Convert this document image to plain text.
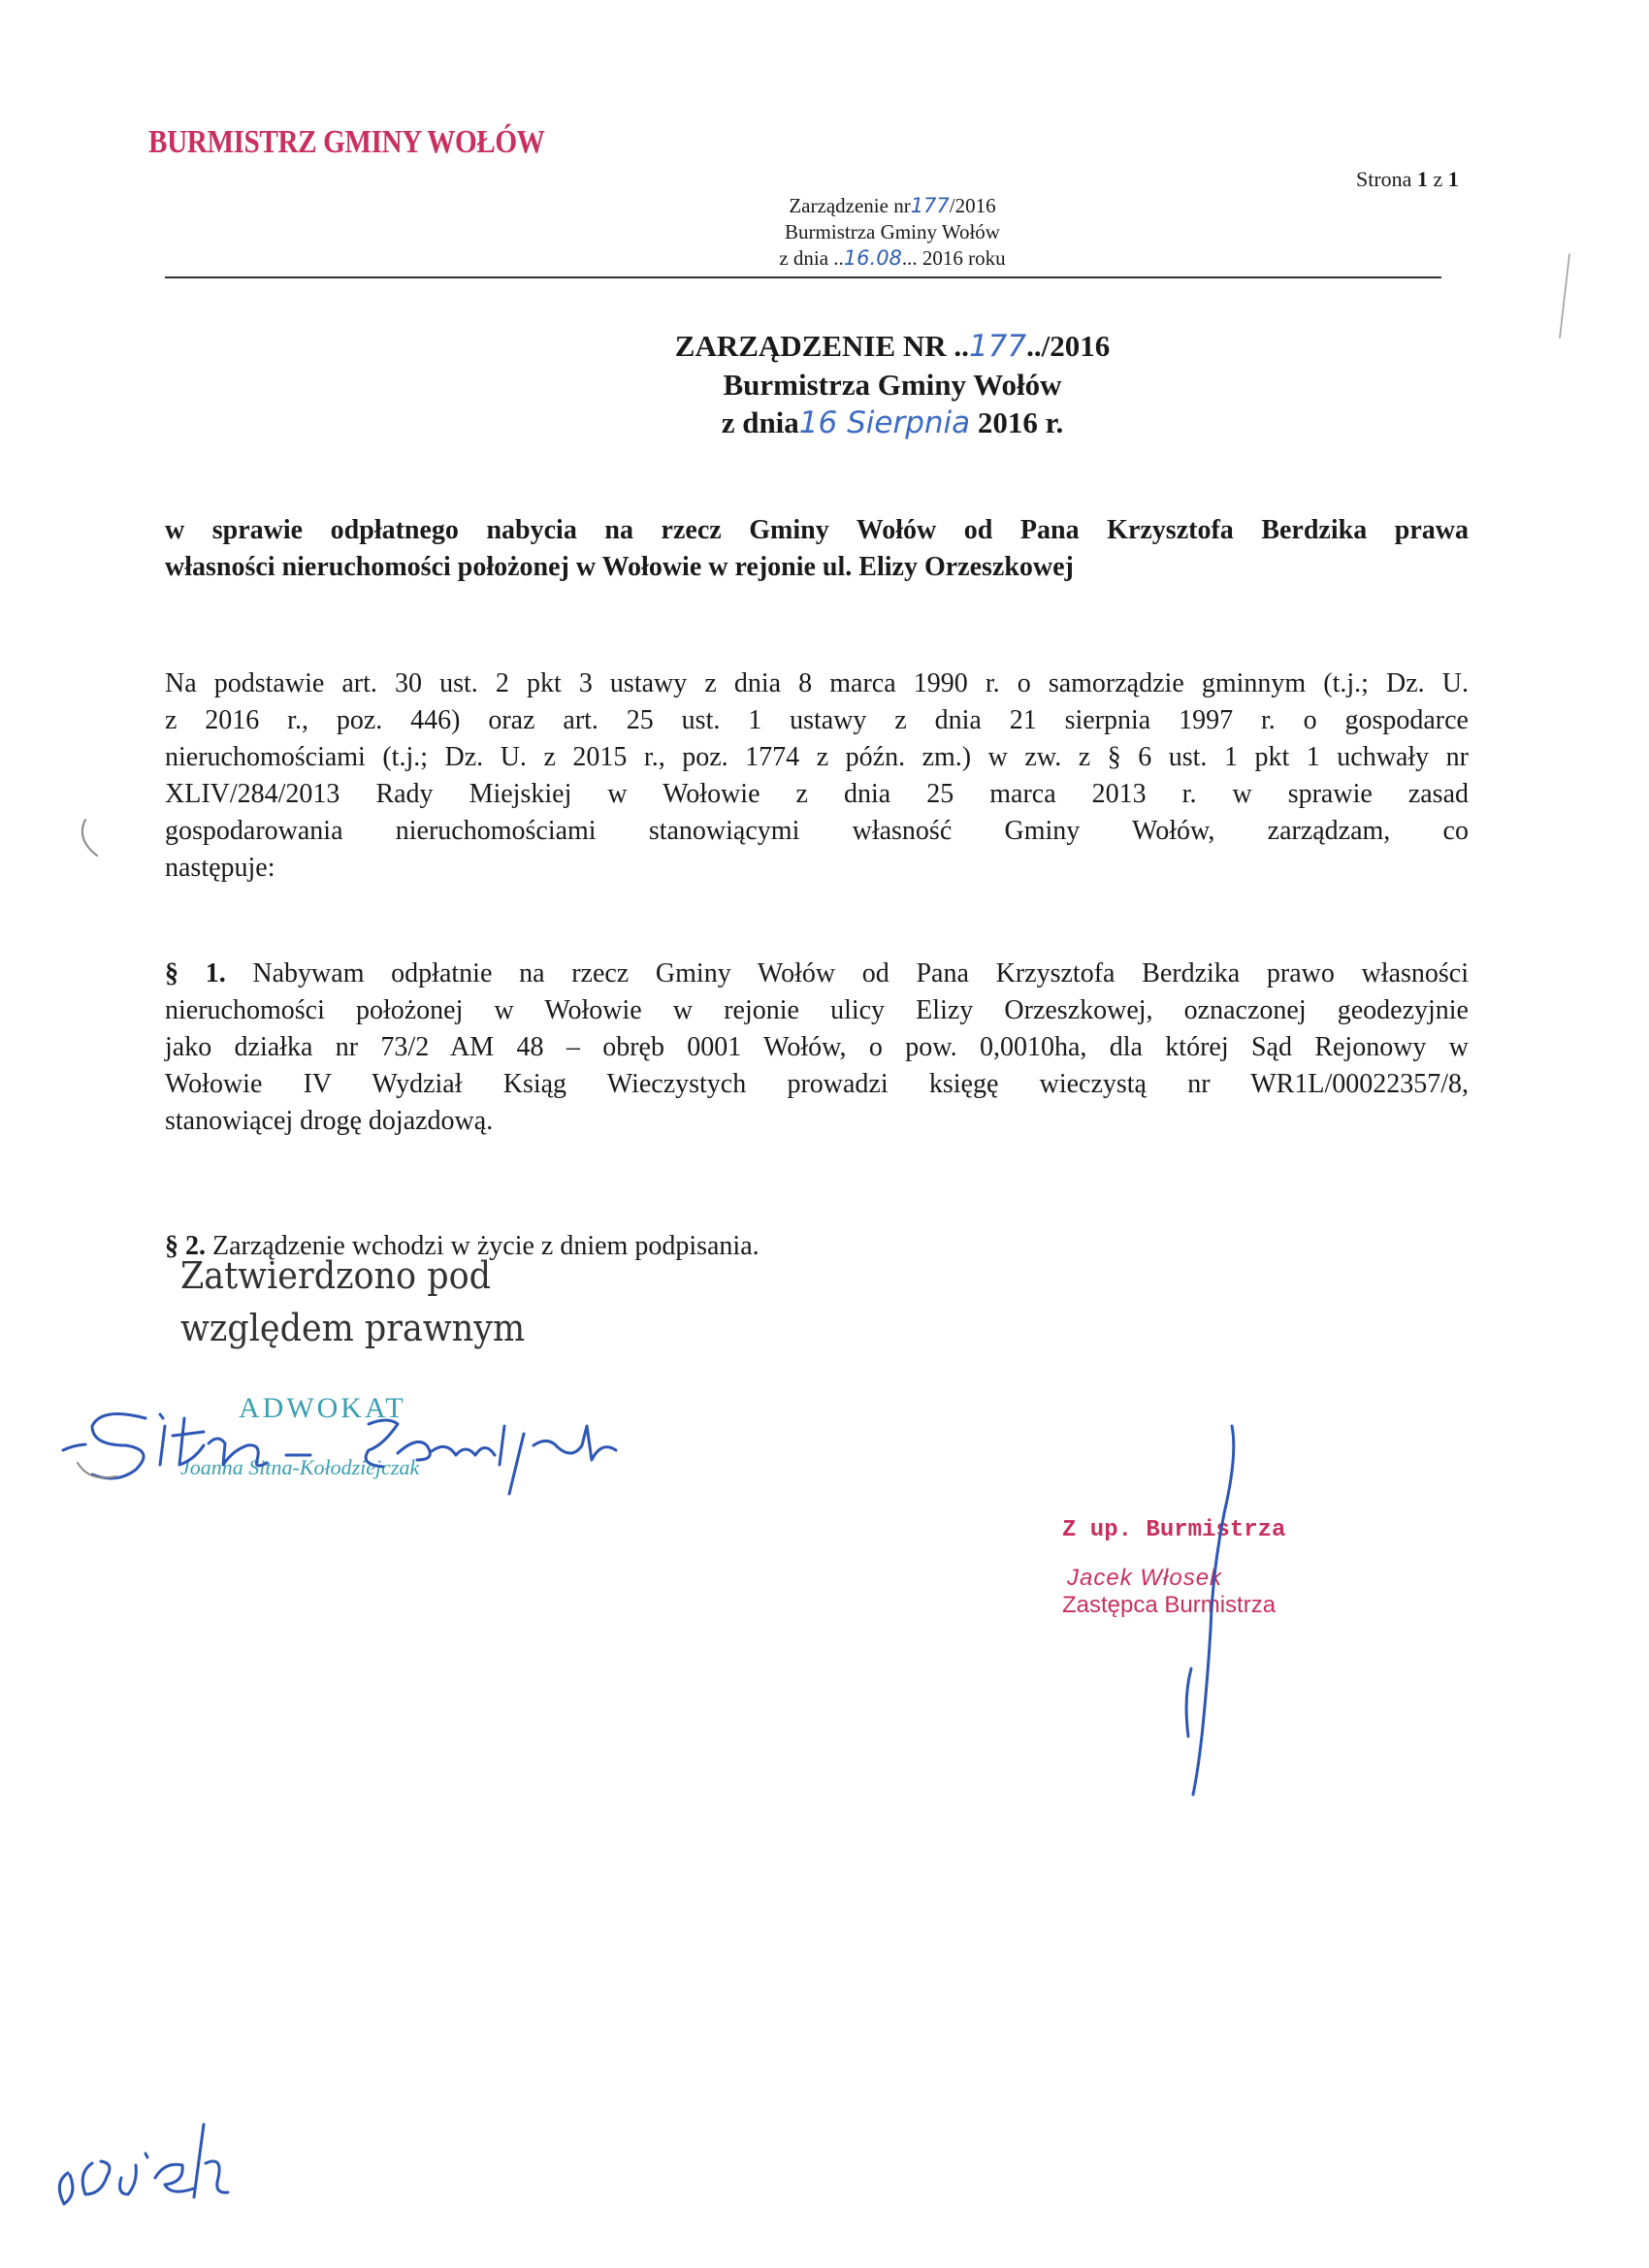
BURMISTRZ GMINY WOŁÓW
Strona 1 z 1
Zarządzenie nr177/2016
Burmistrza Gminy Wołów
z dnia ..16.08... 2016 roku
ZARZĄDZENIE NR ..177../2016
Burmistrza Gminy Wołów
z dnia16 Sierpnia 2016 r.
w sprawie odpłatnego nabycia na rzecz Gminy Wołów od Pana Krzysztofa Berdzika prawa
własności nieruchomości położonej w Wołowie w rejonie ul. Elizy Orzeszkowej
Na podstawie art. 30 ust. 2 pkt 3 ustawy z dnia 8 marca 1990 r. o samorządzie gminnym (t.j.; Dz. U.
z 2016 r., poz. 446) oraz art. 25 ust. 1 ustawy z dnia 21 sierpnia 1997 r. o gospodarce
nieruchomościami (t.j.; Dz. U. z 2015 r., poz. 1774 z późn. zm.) w zw. z § 6 ust. 1 pkt 1 uchwały nr
XLIV/284/2013 Rady Miejskiej w Wołowie z dnia 25 marca 2013 r. w sprawie zasad
gospodarowania nieruchomościami stanowiącymi własność Gminy Wołów, zarządzam, co
następuje:
§ 1. Nabywam odpłatnie na rzecz Gminy Wołów od Pana Krzysztofa Berdzika prawo własności
nieruchomości położonej w Wołowie w rejonie ulicy Elizy Orzeszkowej, oznaczonej geodezyjnie
jako działka nr 73/2 AM 48 – obręb 0001 Wołów, o pow. 0,0010ha, dla której Sąd Rejonowy w
Wołowie IV Wydział Ksiąg Wieczystych prowadzi księgę wieczystą nr WR1L/00022357/8,
stanowiącej drogę dojazdową.
§ 2. Zarządzenie wchodzi w życie z dniem podpisania.
Zatwierdzono pod
względem prawnym
ADWOKAT
Joanna Sitna-Kołodziejczak
Z up. Burmistrza
Jacek Włosek
Zastępca Burmistrza
